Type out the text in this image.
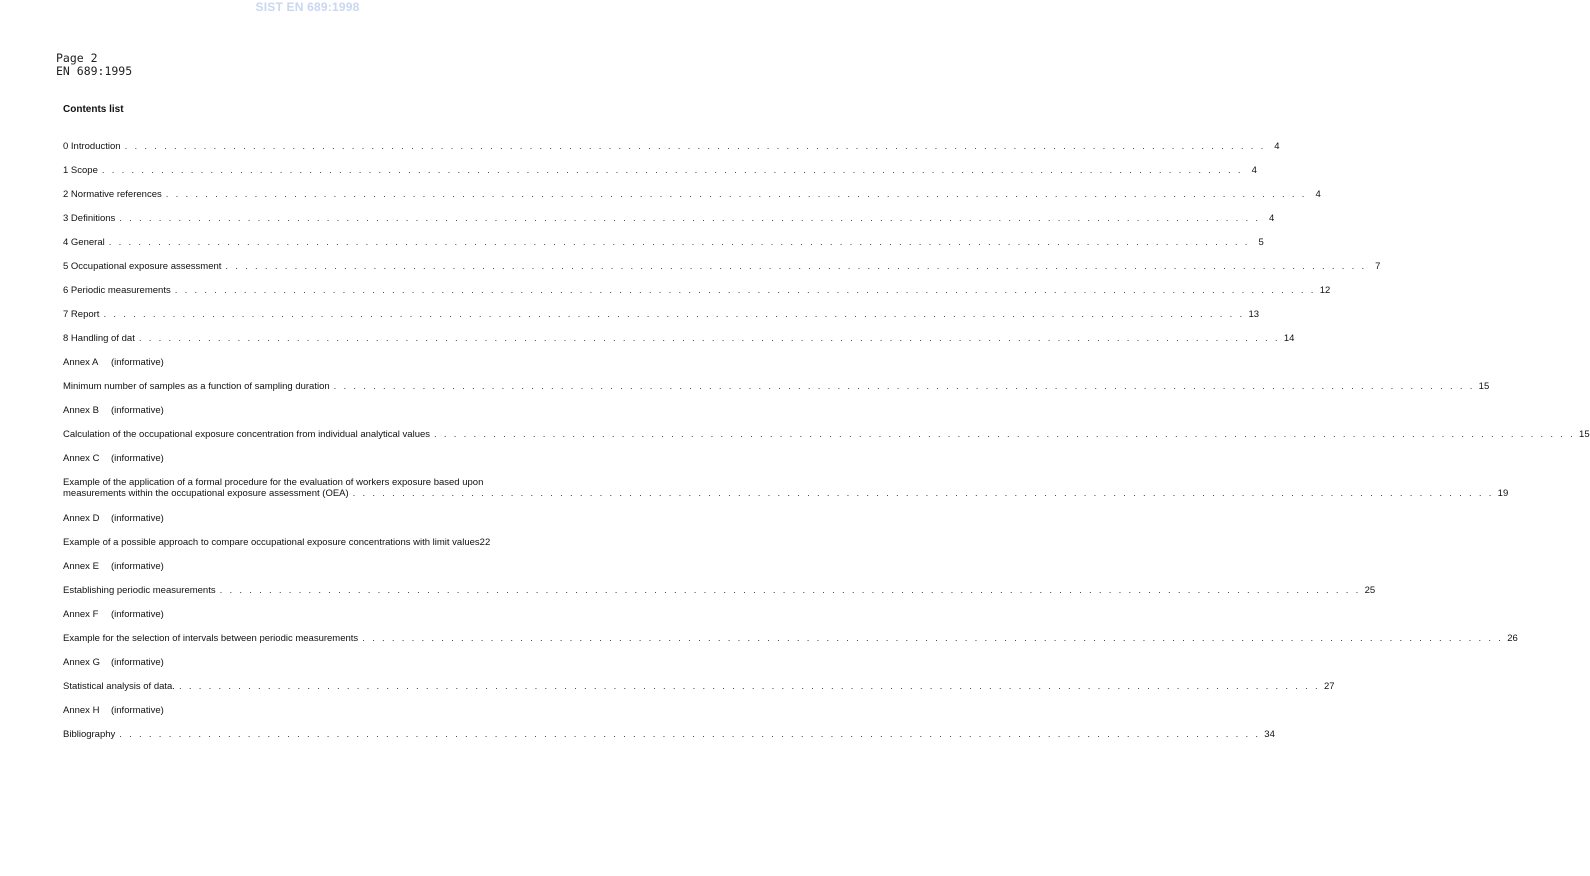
SIST EN 689:1998
Page 2
EN 689:1995
Contents list
0 Introduction . . . . . . . . . . . . . . . . . . . . . . . . . . . . . . . . . . . . . . . . . . . . . . . . . . . . . . . . . . . . . . . . . . . . . . . . . . . . . . . . . . . . . . . . . . . . . . . . . . . . . . . . . . . . . . . . . . . . 4
1 Scope . . . . . . . . . . . . . . . . . . . . . . . . . . . . . . . . . . . . . . . . . . . . . . . . . . . . . . . . . . . . . . . . . . . . . . . . . . . . . . . . . . . . . . . . . . . . . . . . . . . . . . . . . . . . . . . . . . . . 4
2 Normative references . . . . . . . . . . . . . . . . . . . . . . . . . . . . . . . . . . . . . . . . . . . . . . . . . . . . . . . . . . . . . . . . . . . . . . . . . . . . . . . . . . . . . . . . . . . . . . . . . . . . . . . . . . . . . . . . . . . . 4
3 Definitions . . . . . . . . . . . . . . . . . . . . . . . . . . . . . . . . . . . . . . . . . . . . . . . . . . . . . . . . . . . . . . . . . . . . . . . . . . . . . . . . . . . . . . . . . . . . . . . . . . . . . . . . . . . . . . . . . . . . 4
4 General . . . . . . . . . . . . . . . . . . . . . . . . . . . . . . . . . . . . . . . . . . . . . . . . . . . . . . . . . . . . . . . . . . . . . . . . . . . . . . . . . . . . . . . . . . . . . . . . . . . . . . . . . . . . . . . . . . . . 5
5 Occupational exposure assessment . . . . . . . . . . . . . . . . . . . . . . . . . . . . . . . . . . . . . . . . . . . . . . . . . . . . . . . . . . . . . . . . . . . . . . . . . . . . . . . . . . . . . . . . . . . . . . . . . . . . . . . . . . . . . . . . . . . . 7
6 Periodic measurements . . . . . . . . . . . . . . . . . . . . . . . . . . . . . . . . . . . . . . . . . . . . . . . . . . . . . . . . . . . . . . . . . . . . . . . . . . . . . . . . . . . . . . . . . . . . . . . . . . . . . . . . . . . . . . . . . . . . 12
7 Report . . . . . . . . . . . . . . . . . . . . . . . . . . . . . . . . . . . . . . . . . . . . . . . . . . . . . . . . . . . . . . . . . . . . . . . . . . . . . . . . . . . . . . . . . . . . . . . . . . . . . . . . . . . . . . . . . . . . 13
8 Handling of dat . . . . . . . . . . . . . . . . . . . . . . . . . . . . . . . . . . . . . . . . . . . . . . . . . . . . . . . . . . . . . . . . . . . . . . . . . . . . . . . . . . . . . . . . . . . . . . . . . . . . . . . . . . . . . . . . . . . . 14
Annex A (informative)
Minimum number of samples as a function of sampling duration . . . . . . . . . . . . . . . . . . . . . . . . . . . . . . . . . . . . . . . . . . . . . . . . . . . . . . . . . . . . . . . . . . . . . . . . . . . . . . . . . . . . . . . . . . . . . . . . . . . . . . . . . . . . . . . . . . . . 15
Annex B (informative)
Calculation of the occupational exposure concentration from individual analytical values . . . . . . . . . . . . . . . . . . . . . . . . . . . . . . . . . . . . . . . . . . . . . . . . . . . . . . . . . . . . . . . . . . . . . . . . . . . . . . . . . . . . . . . . . . . . . . . . . . . . . . . . . . . . . . . . . . . . 15
Annex C (informative)
Example of the application of a formal procedure for the evaluation of workers exposure based upon
measurements within the occupational exposure assessment (OEA) . . . . . . . . . . . . . . . . . . . . . . . . . . . . . . . . . . . . . . . . . . . . . . . . . . . . . . . . . . . . . . . . . . . . . . . . . . . . . . . . . . . . . . . . . . . . . . . . . . . . . . . . . . . . . . . . . . . . 19
Annex D (informative)
Example of a possible approach to compare occupational exposure concentrations with limit values 22
Annex E (informative)
Establishing periodic measurements . . . . . . . . . . . . . . . . . . . . . . . . . . . . . . . . . . . . . . . . . . . . . . . . . . . . . . . . . . . . . . . . . . . . . . . . . . . . . . . . . . . . . . . . . . . . . . . . . . . . . . . . . . . . . . . . . . . . 25
Annex F (informative)
Example for the selection of intervals between periodic measurements . . . . . . . . . . . . . . . . . . . . . . . . . . . . . . . . . . . . . . . . . . . . . . . . . . . . . . . . . . . . . . . . . . . . . . . . . . . . . . . . . . . . . . . . . . . . . . . . . . . . . . . . . . . . . . . . . . . . 26
Annex G (informative)
Statistical analysis of data. . . . . . . . . . . . . . . . . . . . . . . . . . . . . . . . . . . . . . . . . . . . . . . . . . . . . . . . . . . . . . . . . . . . . . . . . . . . . . . . . . . . . . . . . . . . . . . . . . . . . . . . . . . . . . . . . . . . . 27
Annex H (informative)
Bibliography . . . . . . . . . . . . . . . . . . . . . . . . . . . . . . . . . . . . . . . . . . . . . . . . . . . . . . . . . . . . . . . . . . . . . . . . . . . . . . . . . . . . . . . . . . . . . . . . . . . . . . . . . . . . . . . . . . . . 34
